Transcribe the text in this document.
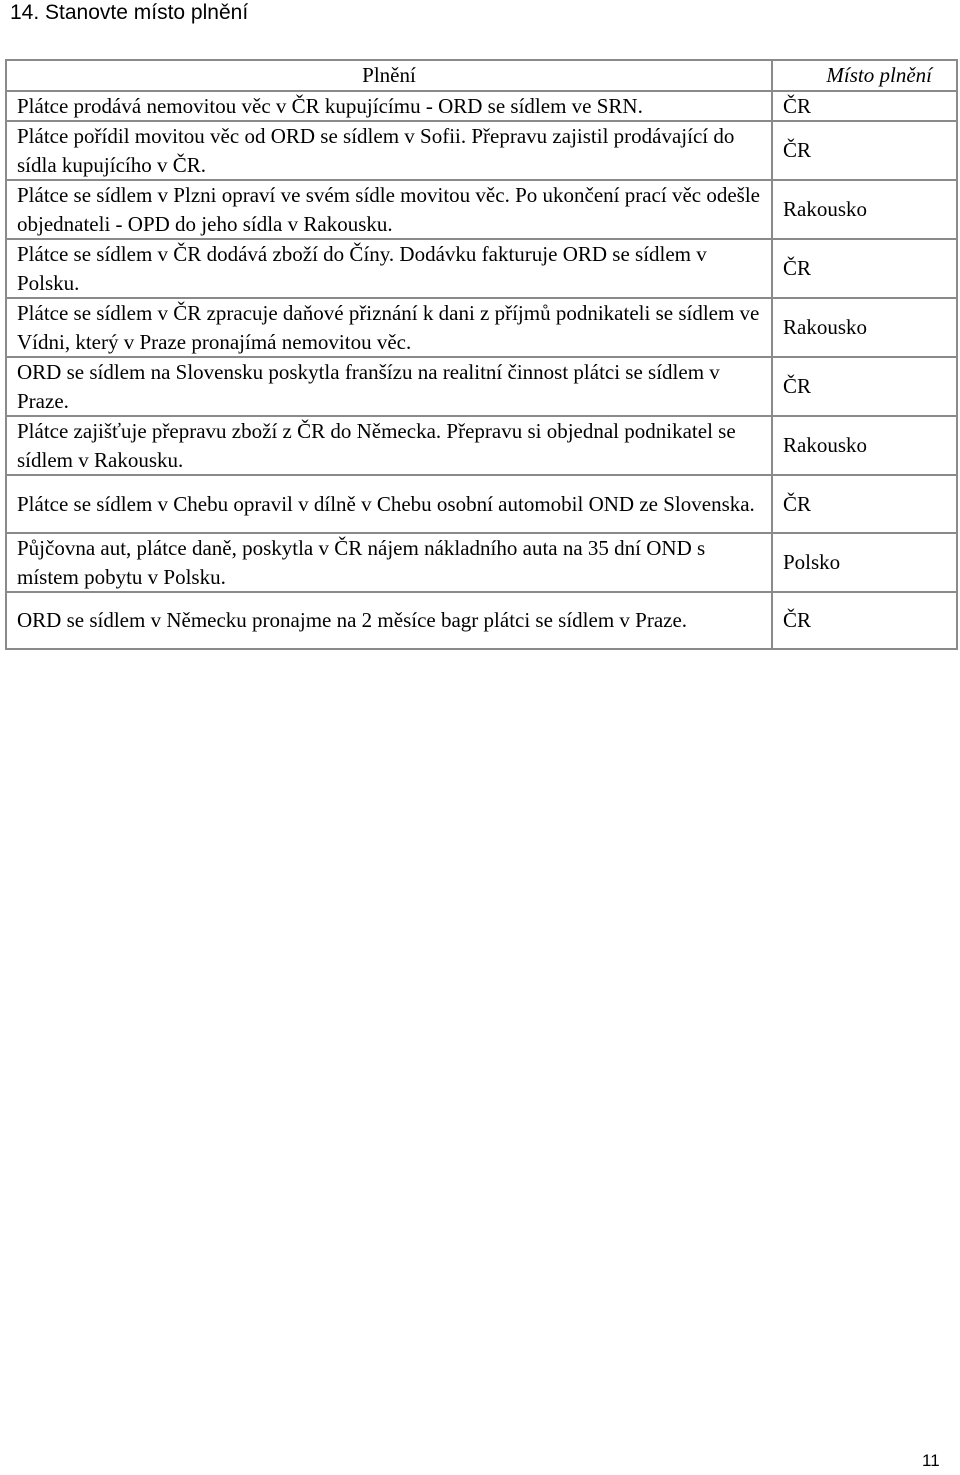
14. Stanovte místo plnění
Plnění	Místo plnění
Plátce prodává nemovitou věc v ČR kupujícímu - ORD se sídlem ve SRN.	ČR
Plátce pořídil movitou věc od ORD se sídlem v Sofii. Přepravu zajistil prodávající do sídla kupujícího v ČR.	ČR
Plátce se sídlem v Plzni opraví ve svém sídle movitou věc. Po ukončení prací věc odešle objednateli - OPD do jeho sídla v Rakousku.	Rakousko
Plátce se sídlem v ČR dodává zboží do Číny. Dodávku fakturuje ORD se sídlem v Polsku.	ČR
Plátce se sídlem v ČR zpracuje daňové přiznání k dani z příjmů podnikateli se sídlem ve Vídni, který v Praze pronajímá nemovitou věc.	Rakousko
ORD se sídlem na Slovensku poskytla franšízu na realitní činnost plátci se sídlem v Praze.	ČR
Plátce zajišťuje přepravu zboží z ČR do Německa. Přepravu si objednal podnikatel se sídlem v Rakousku.	Rakousko
Plátce se sídlem v Chebu opravil v dílně v Chebu osobní automobil OND ze Slovenska.	ČR
Půjčovna aut, plátce daně, poskytla v ČR nájem nákladního auta na 35 dní OND s místem pobytu v Polsku.	Polsko
ORD se sídlem v Německu pronajme na 2 měsíce bagr plátci se sídlem v Praze.	ČR
11
